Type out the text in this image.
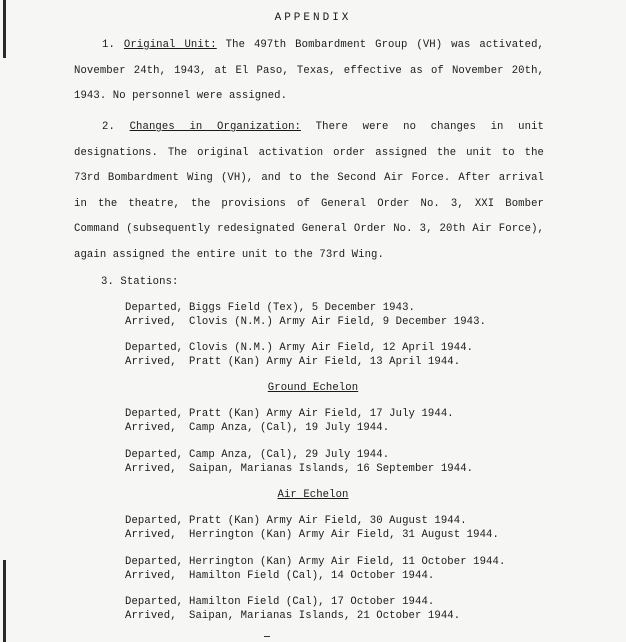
APPENDIX

1. Original Unit: The 497th Bombardment Group (VH) was activated, November 24th, 1943, at El Paso, Texas, effective as of November 20th, 1943. No personnel were assigned.

2. Changes in Organization: There were no changes in unit designations. The original activation order assigned the unit to the 73rd Bombardment Wing (VH), and to the Second Air Force. After arrival in the theatre, the provisions of General Order No. 3, XXI Bomber Command (subsequently redesignated General Order No. 3, 20th Air Force), again assigned the entire unit to the 73rd Wing.

3. Stations:
Departed, Biggs Field (Tex), 5 December 1943.
Arrived, Clovis (N.M.) Army Air Field, 9 December 1943.
Departed, Clovis (N.M.) Army Air Field, 12 April 1944.
Arrived, Pratt (Kan) Army Air Field, 13 April 1944.
Ground Echelon
Departed, Pratt (Kan) Army Air Field, 17 July 1944.
Arrived, Camp Anza, (Cal), 19 July 1944.
Departed, Camp Anza, (Cal), 29 July 1944.
Arrived, Saipan, Marianas Islands, 16 September 1944.
Air Echelon
Departed, Pratt (Kan) Army Air Field, 30 August 1944.
Arrived, Herrington (Kan) Army Air Field, 31 August 1944.
Departed, Herrington (Kan) Army Air Field, 11 October 1944.
Arrived, Hamilton Field (Cal), 14 October 1944.
Departed, Hamilton Field (Cal), 17 October 1944.
Arrived, Saipan, Marianas Islands, 21 October 1944.
